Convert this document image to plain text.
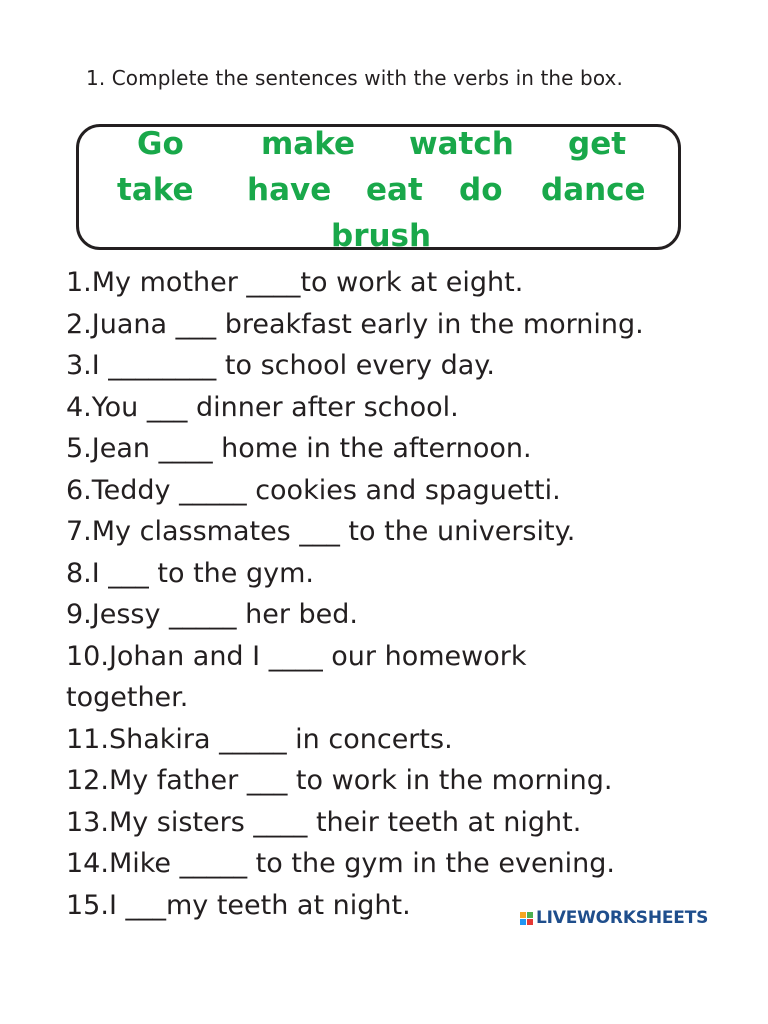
1. Complete the sentences with the verbs in the box.
Go make watch get
take have eat do dance
brush
1.My mother ____to work at eight.
2.Juana ___ breakfast early in the morning.
3.I ________ to school every day.
4.You ___ dinner after school.
5.Jean ____ home in the afternoon.
6.Teddy _____ cookies and spaguetti.
7.My classmates ___ to the university.
8.I ___ to the gym.
9.Jessy _____ her bed.
10.Johan and I ____ our homework together.
11.Shakira _____ in concerts.
12.My father ___ to work in the morning.
13.My sisters ____ their teeth at night.
14.Mike _____ to the gym in the evening.
15.I ___my teeth at night.	LIVEWORKSHEETS
